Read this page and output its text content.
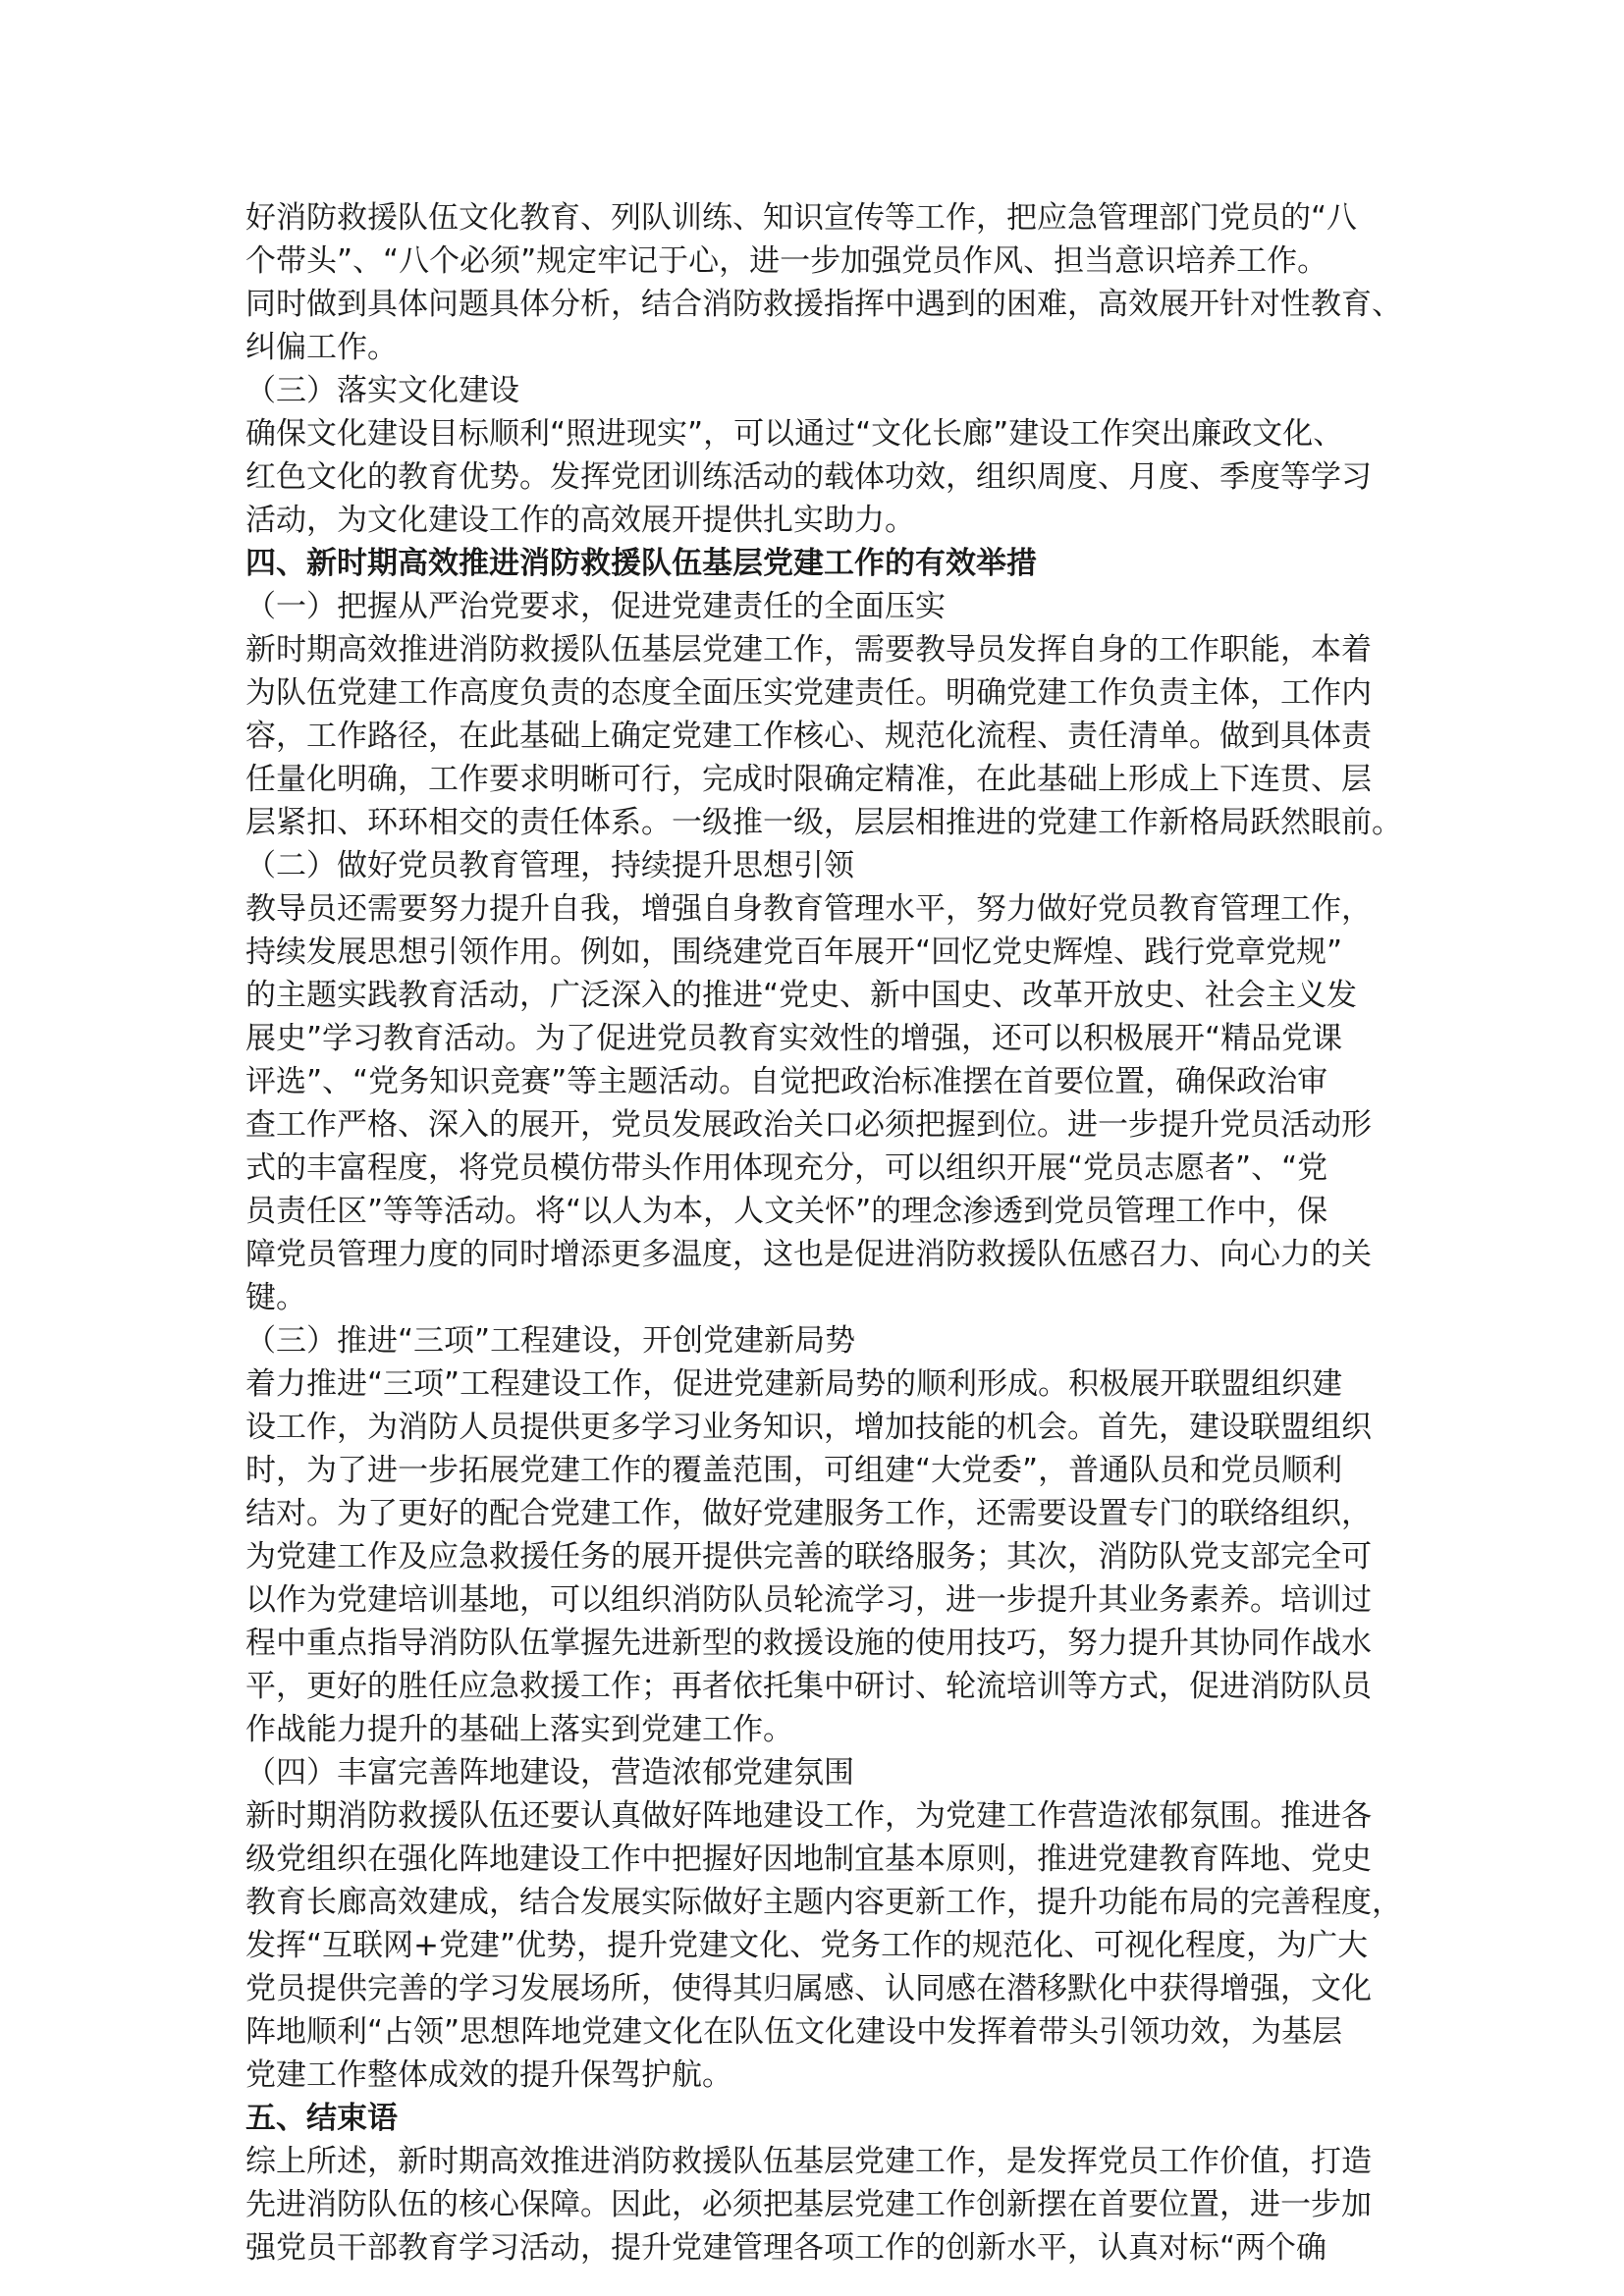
好消防救援队伍文化教育、列队训练、知识宣传等工作，把应急管理部门党员的“八
个带头”、“八个必须”规定牢记于心，进一步加强党员作风、担当意识培养工作。
同时做到具体问题具体分析，结合消防救援指挥中遇到的困难，高效展开针对性教育、
纠偏工作。
（三）落实文化建设
确保文化建设目标顺利“照进现实”，可以通过“文化长廊”建设工作突出廉政文化、
红色文化的教育优势。发挥党团训练活动的载体功效，组织周度、月度、季度等学习
活动，为文化建设工作的高效展开提供扎实助力。
四、新时期高效推进消防救援队伍基层党建工作的有效举措
（一）把握从严治党要求，促进党建责任的全面压实
新时期高效推进消防救援队伍基层党建工作，需要教导员发挥自身的工作职能，本着
为队伍党建工作高度负责的态度全面压实党建责任。明确党建工作负责主体，工作内
容，工作路径，在此基础上确定党建工作核心、规范化流程、责任清单。做到具体责
任量化明确，工作要求明晰可行，完成时限确定精准，在此基础上形成上下连贯、层
层紧扣、环环相交的责任体系。一级推一级，层层相推进的党建工作新格局跃然眼前。
（二）做好党员教育管理，持续提升思想引领
教导员还需要努力提升自我，增强自身教育管理水平，努力做好党员教育管理工作，
持续发展思想引领作用。例如，围绕建党百年展开“回忆党史辉煌、践行党章党规”
的主题实践教育活动，广泛深入的推进“党史、新中国史、改革开放史、社会主义发
展史”学习教育活动。为了促进党员教育实效性的增强，还可以积极展开“精品党课
评选”、“党务知识竞赛”等主题活动。自觉把政治标准摆在首要位置，确保政治审
查工作严格、深入的展开，党员发展政治关口必须把握到位。进一步提升党员活动形
式的丰富程度，将党员模仿带头作用体现充分，可以组织开展“党员志愿者”、“党
员责任区”等等活动。将“以人为本，人文关怀”的理念渗透到党员管理工作中，保
障党员管理力度的同时增添更多温度，这也是促进消防救援队伍感召力、向心力的关
键。
（三）推进“三项”工程建设，开创党建新局势
着力推进“三项”工程建设工作，促进党建新局势的顺利形成。积极展开联盟组织建
设工作，为消防人员提供更多学习业务知识，增加技能的机会。首先，建设联盟组织
时，为了进一步拓展党建工作的覆盖范围，可组建“大党委”，普通队员和党员顺利
结对。为了更好的配合党建工作，做好党建服务工作，还需要设置专门的联络组织，
为党建工作及应急救援任务的展开提供完善的联络服务；其次，消防队党支部完全可
以作为党建培训基地，可以组织消防队员轮流学习，进一步提升其业务素养。培训过
程中重点指导消防队伍掌握先进新型的救援设施的使用技巧，努力提升其协同作战水
平，更好的胜任应急救援工作；再者依托集中研讨、轮流培训等方式，促进消防队员
作战能力提升的基础上落实到党建工作。
（四）丰富完善阵地建设，营造浓郁党建氛围
新时期消防救援队伍还要认真做好阵地建设工作，为党建工作营造浓郁氛围。推进各
级党组织在强化阵地建设工作中把握好因地制宜基本原则，推进党建教育阵地、党史
教育长廊高效建成，结合发展实际做好主题内容更新工作，提升功能布局的完善程度，
发挥“互联网+党建”优势，提升党建文化、党务工作的规范化、可视化程度，为广大
党员提供完善的学习发展场所，使得其归属感、认同感在潜移默化中获得增强，文化
阵地顺利“占领”思想阵地党建文化在队伍文化建设中发挥着带头引领功效，为基层
党建工作整体成效的提升保驾护航。
五、结束语
综上所述，新时期高效推进消防救援队伍基层党建工作，是发挥党员工作价值，打造
先进消防队伍的核心保障。因此，必须把基层党建工作创新摆在首要位置，进一步加
强党员干部教育学习活动，提升党建管理各项工作的创新水平，认真对标“两个确
